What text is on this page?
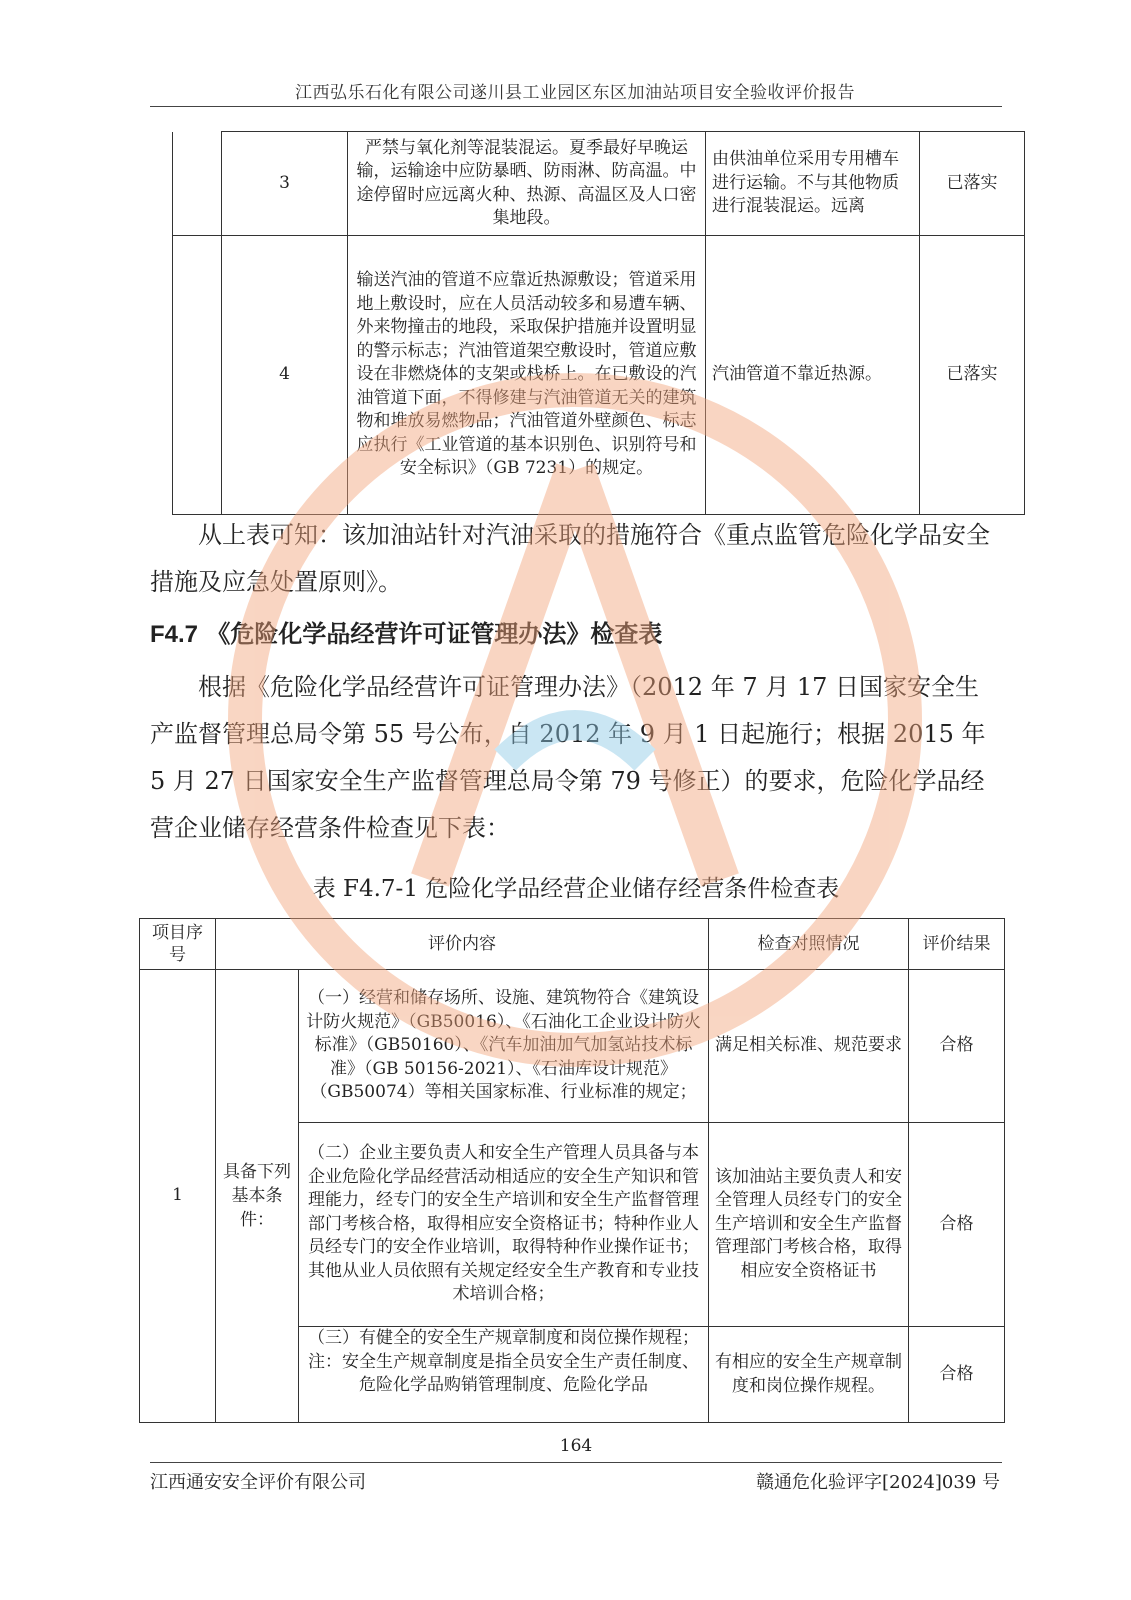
江西弘乐石化有限公司遂川县工业园区东区加油站项目安全验收评价报告
	3	严禁与氧化剂等混装混运。夏季最好早晚运输，运输途中应防暴晒、防雨淋、防高温。中途停留时应远离火种、热源、高温区及人口密集地段。	由供油单位采用专用槽车进行运输。不与其他物质进行混装混运。远离	已落实
	4	输送汽油的管道不应靠近热源敷设；管道采用地上敷设时，应在人员活动较多和易遭车辆、外来物撞击的地段，采取保护措施并设置明显的警示标志；汽油管道架空敷设时，管道应敷设在非燃烧体的支架或栈桥上。在已敷设的汽油管道下面，不得修建与汽油管道无关的建筑物和堆放易燃物品；汽油管道外壁颜色、标志应执行《工业管道的基本识别色、识别符号和安全标识》（GB 7231）的规定。	汽油管道不靠近热源。	已落实
从上表可知：该加油站针对汽油采取的措施符合《重点监管危险化学品安全措施及应急处置原则》。
F4.7 《危险化学品经营许可证管理办法》检查表
根据《危险化学品经营许可证管理办法》（2012 年 7 月 17 日国家安全生产监督管理总局令第 55 号公布，自 2012 年 9 月 1 日起施行；根据 2015 年 5 月 27 日国家安全生产监督管理总局令第 79 号修正）的要求，危险化学品经营企业储存经营条件检查见下表：
表 F4.7-1 危险化学品经营企业储存经营条件检查表
项目序号	评价内容		检查对照情况	评价结果
1	具备下列基本条件：	（一）经营和储存场所、设施、建筑物符合《建筑设计防火规范》（GB50016）、《石油化工企业设计防火标准》（GB50160）、《汽车加油加气加氢站技术标准》（GB 50156-2021）、《石油库设计规范》（GB50074）等相关国家标准、行业标准的规定；	满足相关标准、规范要求	合格
		（二）企业主要负责人和安全生产管理人员具备与本企业危险化学品经营活动相适应的安全生产知识和管理能力，经专门的安全生产培训和安全生产监督管理部门考核合格，取得相应安全资格证书；特种作业人员经专门的安全作业培训，取得特种作业操作证书；其他从业人员依照有关规定经安全生产教育和专业技术培训合格；	该加油站主要负责人和安全管理人员经专门的安全生产培训和安全生产监督管理部门考核合格，取得相应安全资格证书	合格
		（三）有健全的安全生产规章制度和岗位操作规程；注：安全生产规章制度是指全员安全生产责任制度、危险化学品购销管理制度、危险化学品	有相应的安全生产规章制度和岗位操作规程。	合格
164
江西通安安全评价有限公司	赣通危化验评字[2024]039 号
